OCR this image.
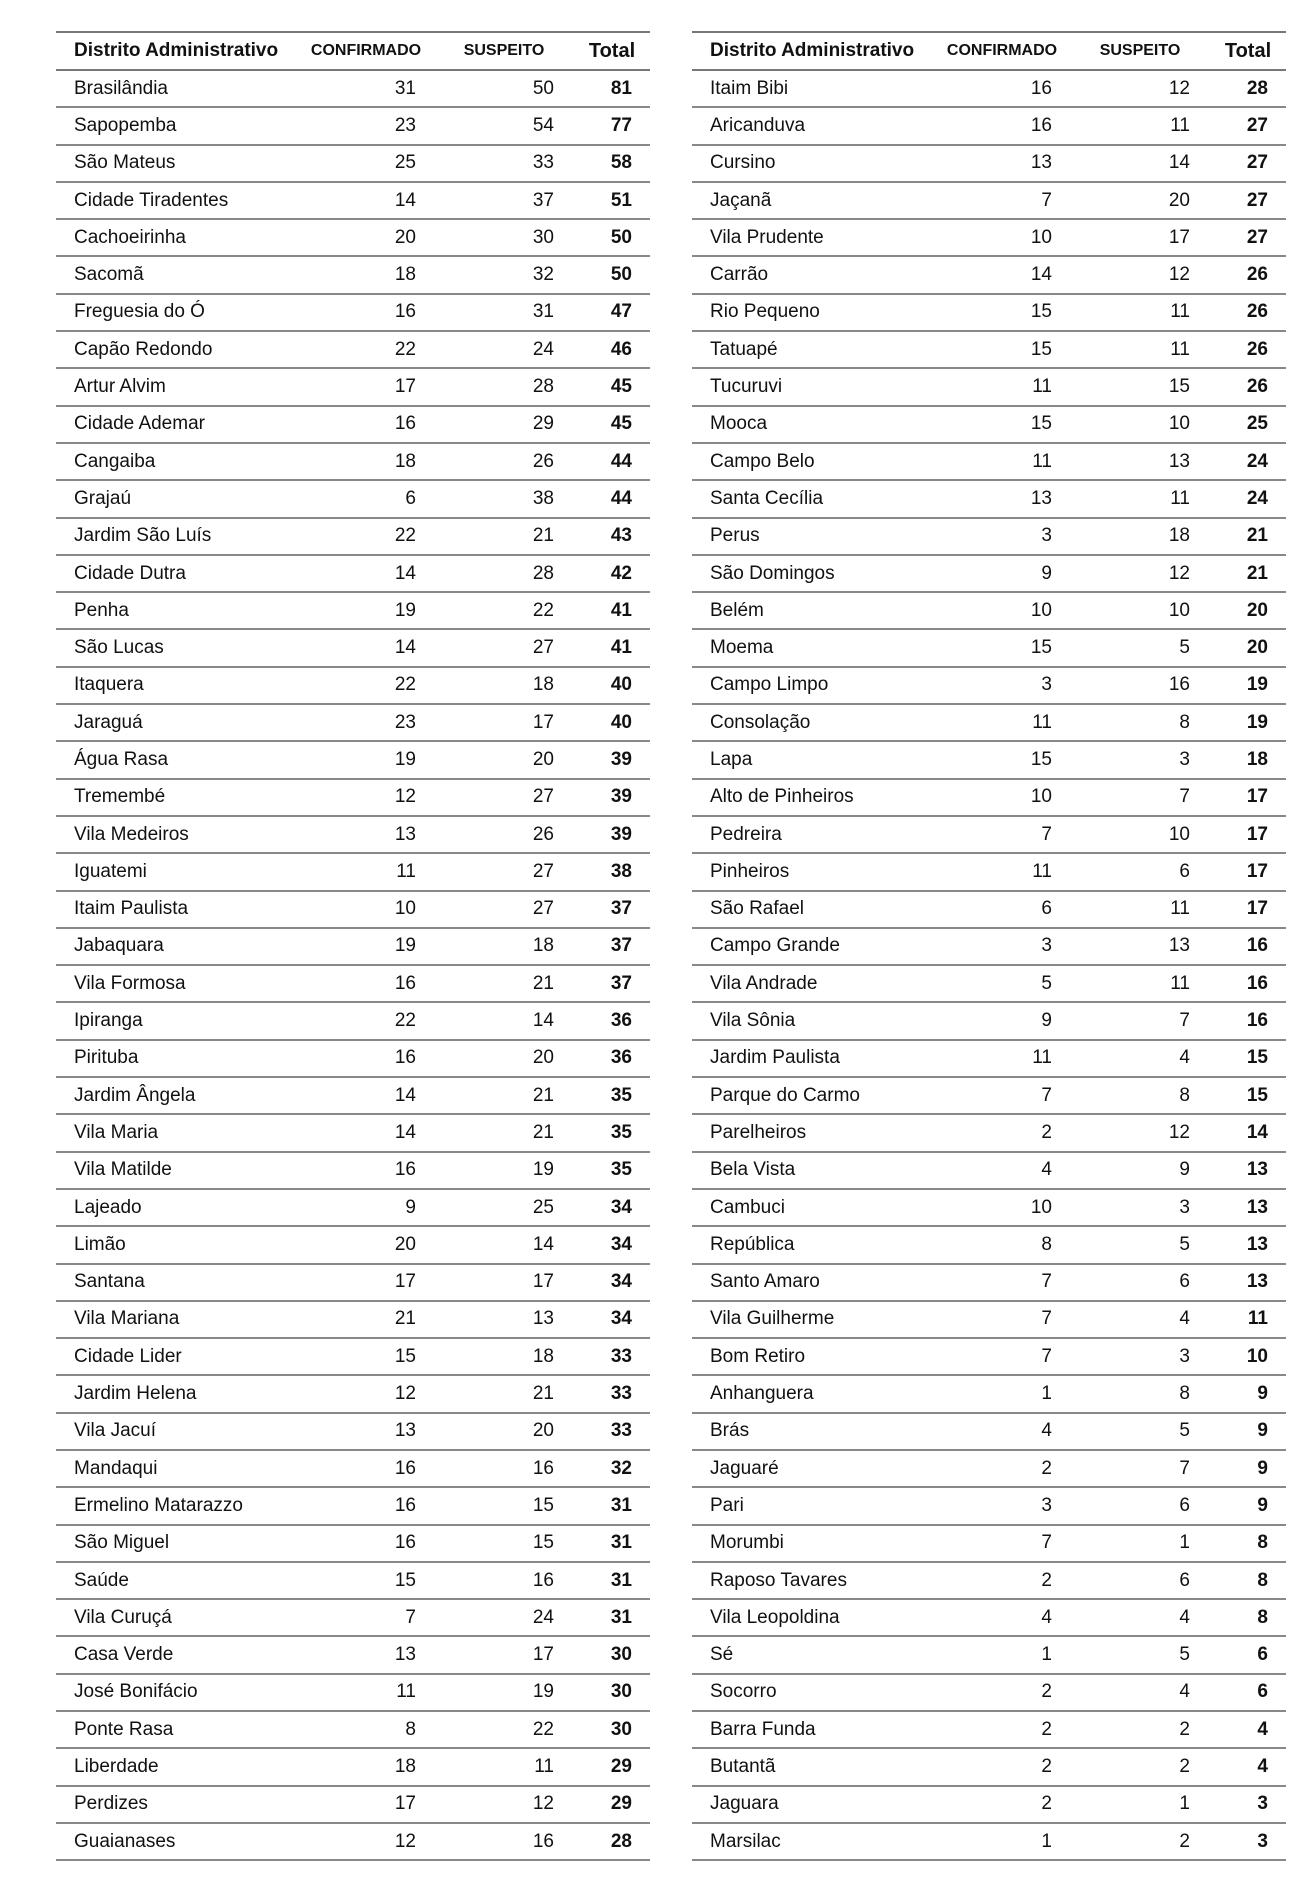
Distrito Administrativo	CONFIRMADO	SUSPEITO	Total
Brasilândia	31	50	81
Sapopemba	23	54	77
São Mateus	25	33	58
Cidade Tiradentes	14	37	51
Cachoeirinha	20	30	50
Sacomã	18	32	50
Freguesia do Ó	16	31	47
Capão Redondo	22	24	46
Artur Alvim	17	28	45
Cidade Ademar	16	29	45
Cangaiba	18	26	44
Grajaú	6	38	44
Jardim São Luís	22	21	43
Cidade Dutra	14	28	42
Penha	19	22	41
São Lucas	14	27	41
Itaquera	22	18	40
Jaraguá	23	17	40
Água Rasa	19	20	39
Tremembé	12	27	39
Vila Medeiros	13	26	39
Iguatemi	11	27	38
Itaim Paulista	10	27	37
Jabaquara	19	18	37
Vila Formosa	16	21	37
Ipiranga	22	14	36
Pirituba	16	20	36
Jardim Ângela	14	21	35
Vila Maria	14	21	35
Vila Matilde	16	19	35
Lajeado	9	25	34
Limão	20	14	34
Santana	17	17	34
Vila Mariana	21	13	34
Cidade Lider	15	18	33
Jardim Helena	12	21	33
Vila Jacuí	13	20	33
Mandaqui	16	16	32
Ermelino Matarazzo	16	15	31
São Miguel	16	15	31
Saúde	15	16	31
Vila Curuçá	7	24	31
Casa Verde	13	17	30
José Bonifácio	11	19	30
Ponte Rasa	8	22	30
Liberdade	18	11	29
Perdizes	17	12	29
Guaianases	12	16	28
Distrito Administrativo	CONFIRMADO	SUSPEITO	Total
Itaim Bibi	16	12	28
Aricanduva	16	11	27
Cursino	13	14	27
Jaçanã	7	20	27
Vila Prudente	10	17	27
Carrão	14	12	26
Rio Pequeno	15	11	26
Tatuapé	15	11	26
Tucuruvi	11	15	26
Mooca	15	10	25
Campo Belo	11	13	24
Santa Cecília	13	11	24
Perus	3	18	21
São Domingos	9	12	21
Belém	10	10	20
Moema	15	5	20
Campo Limpo	3	16	19
Consolação	11	8	19
Lapa	15	3	18
Alto de Pinheiros	10	7	17
Pedreira	7	10	17
Pinheiros	11	6	17
São Rafael	6	11	17
Campo Grande	3	13	16
Vila Andrade	5	11	16
Vila Sônia	9	7	16
Jardim Paulista	11	4	15
Parque do Carmo	7	8	15
Parelheiros	2	12	14
Bela Vista	4	9	13
Cambuci	10	3	13
República	8	5	13
Santo Amaro	7	6	13
Vila Guilherme	7	4	11
Bom Retiro	7	3	10
Anhanguera	1	8	9
Brás	4	5	9
Jaguaré	2	7	9
Pari	3	6	9
Morumbi	7	1	8
Raposo Tavares	2	6	8
Vila Leopoldina	4	4	8
Sé	1	5	6
Socorro	2	4	6
Barra Funda	2	2	4
Butantã	2	2	4
Jaguara	2	1	3
Marsilac	1	2	3
